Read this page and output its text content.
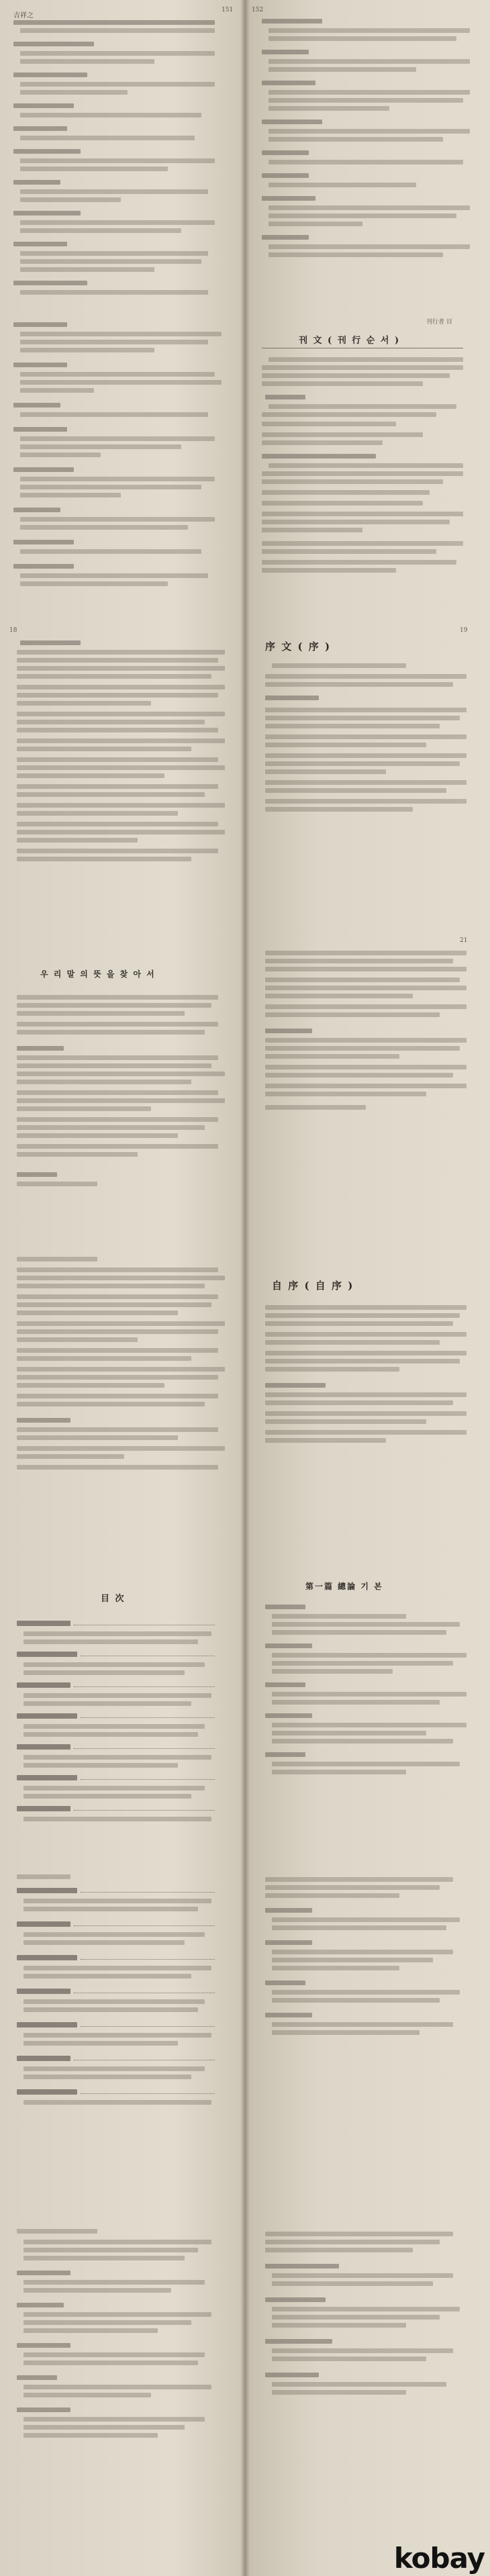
151
吉祥之
152
刊行者 目
刊 文 ( 刊 行 순 서 )
18	19
序 文 ( 序 )
우 리 말 의 뜻 을 찾 아 서
21
自 序 ( 自 序 )
目 次
第一篇 總論 기 본
kobay
